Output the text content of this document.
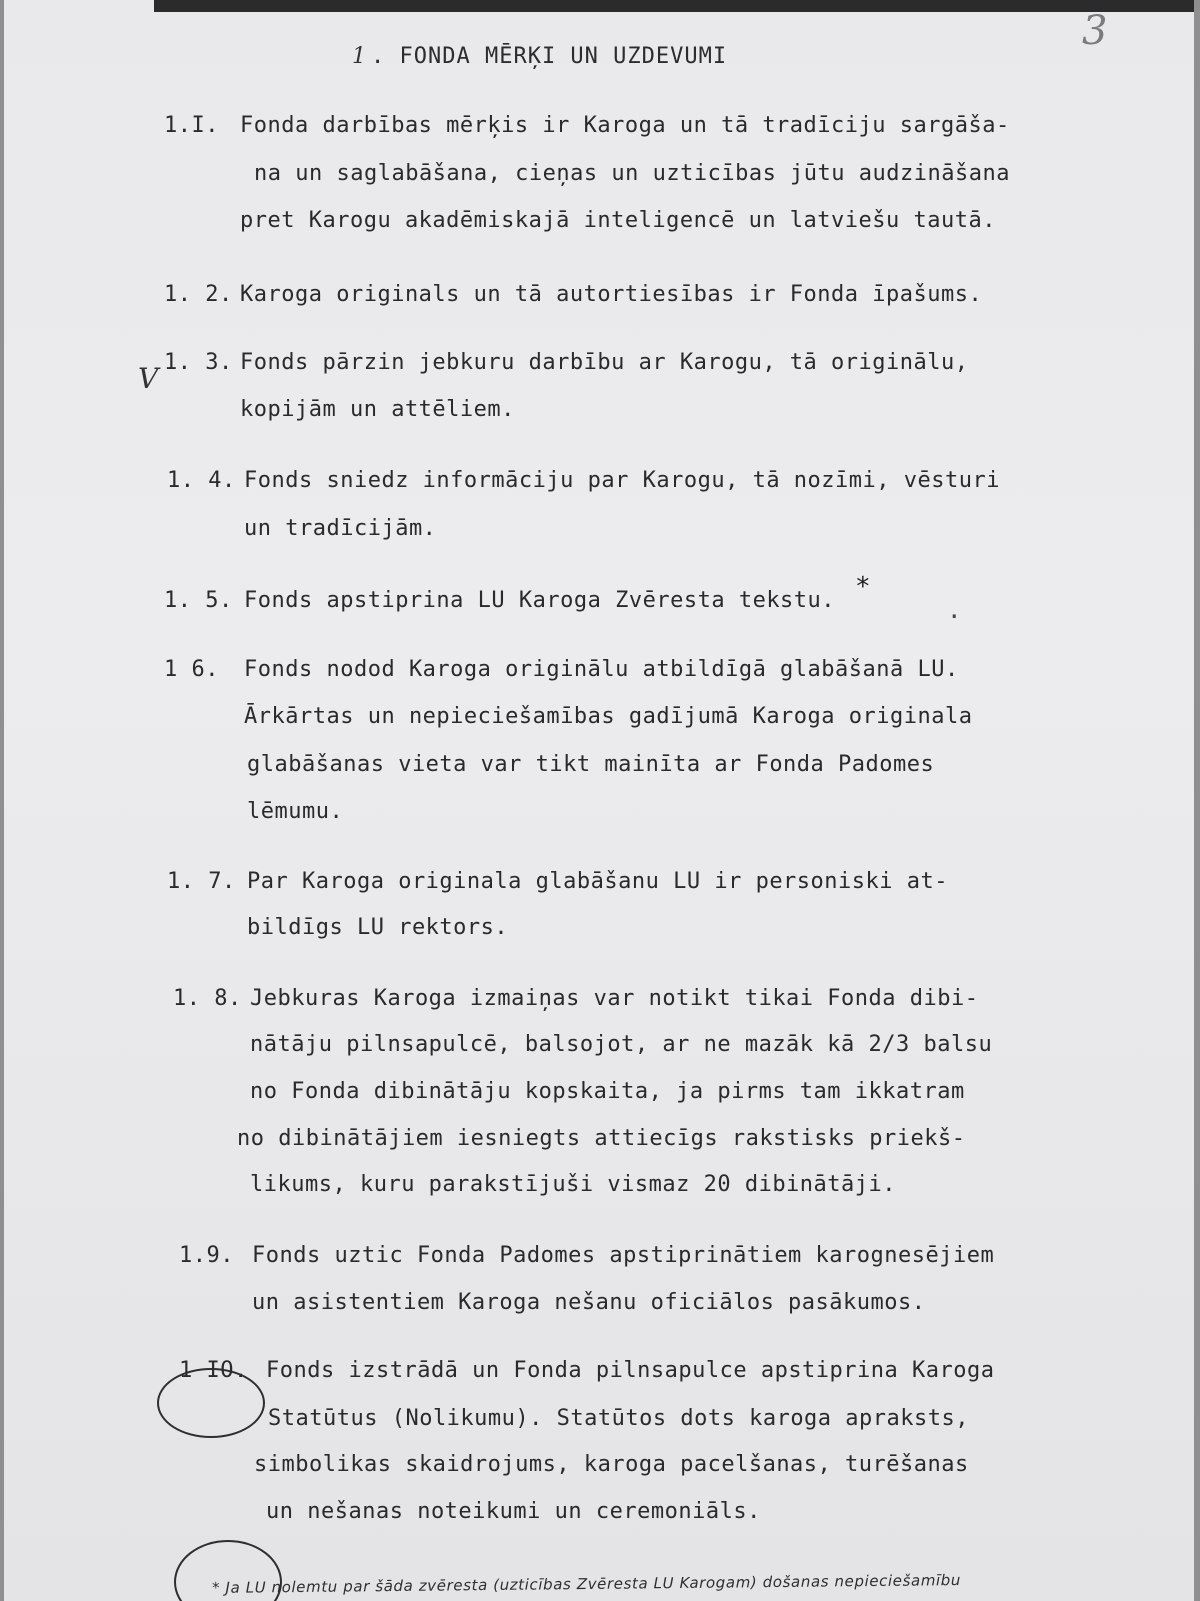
3
1 . FONDA MĒRĶI UN UZDEVUMI
V
*
.
1.I. Fonda darbības mērķis ir Karoga un tā tradīciju sargāša-
na un saglabāšana, cieņas un uzticības jūtu audzināšana
pret Karogu akadēmiskajā inteligencē un latviešu tautā.
1. 2. Karoga originals un tā autortiesības ir Fonda īpašums.
1. 3. Fonds pārzin jebkuru darbību ar Karogu, tā originālu,
kopijām un attēliem.
1. 4. Fonds sniedz informāciju par Karogu, tā nozīmi, vēsturi
un tradīcijām.
1. 5. Fonds apstiprina LU Karoga Zvēresta tekstu.
1 6. Fonds nodod Karoga originālu atbildīgā glabāšanā LU.
Ārkārtas un nepieciešamības gadījumā Karoga originala
glabāšanas vieta var tikt mainīta ar Fonda Padomes
lēmumu.
1. 7. Par Karoga originala glabāšanu LU ir personiski at-
bildīgs LU rektors.
1. 8. Jebkuras Karoga izmaiņas var notikt tikai Fonda dibi-
nātāju pilnsapulcē, balsojot, ar ne mazāk kā 2/3 balsu
no Fonda dibinātāju kopskaita, ja pirms tam ikkatram
no dibinātājiem iesniegts attiecīgs rakstisks priekš-
likums, kuru parakstījuši vismaz 20 dibinātāji.
1.9. Fonds uztic Fonda Padomes apstiprinātiem karognesējiem
un asistentiem Karoga nešanu oficiālos pasākumos.
1 IO. Fonds izstrādā un Fonda pilnsapulce apstiprina Karoga
Statūtus (Nolikumu). Statūtos dots karoga apraksts,
simbolikas skaidrojums, karoga pacelšanas, turēšanas
un nešanas noteikumi un ceremoniāls.
* Ja LU nolemtu par šāda zvēresta (uzticības Zvēresta LU Karogam) došanas nepieciešamību
